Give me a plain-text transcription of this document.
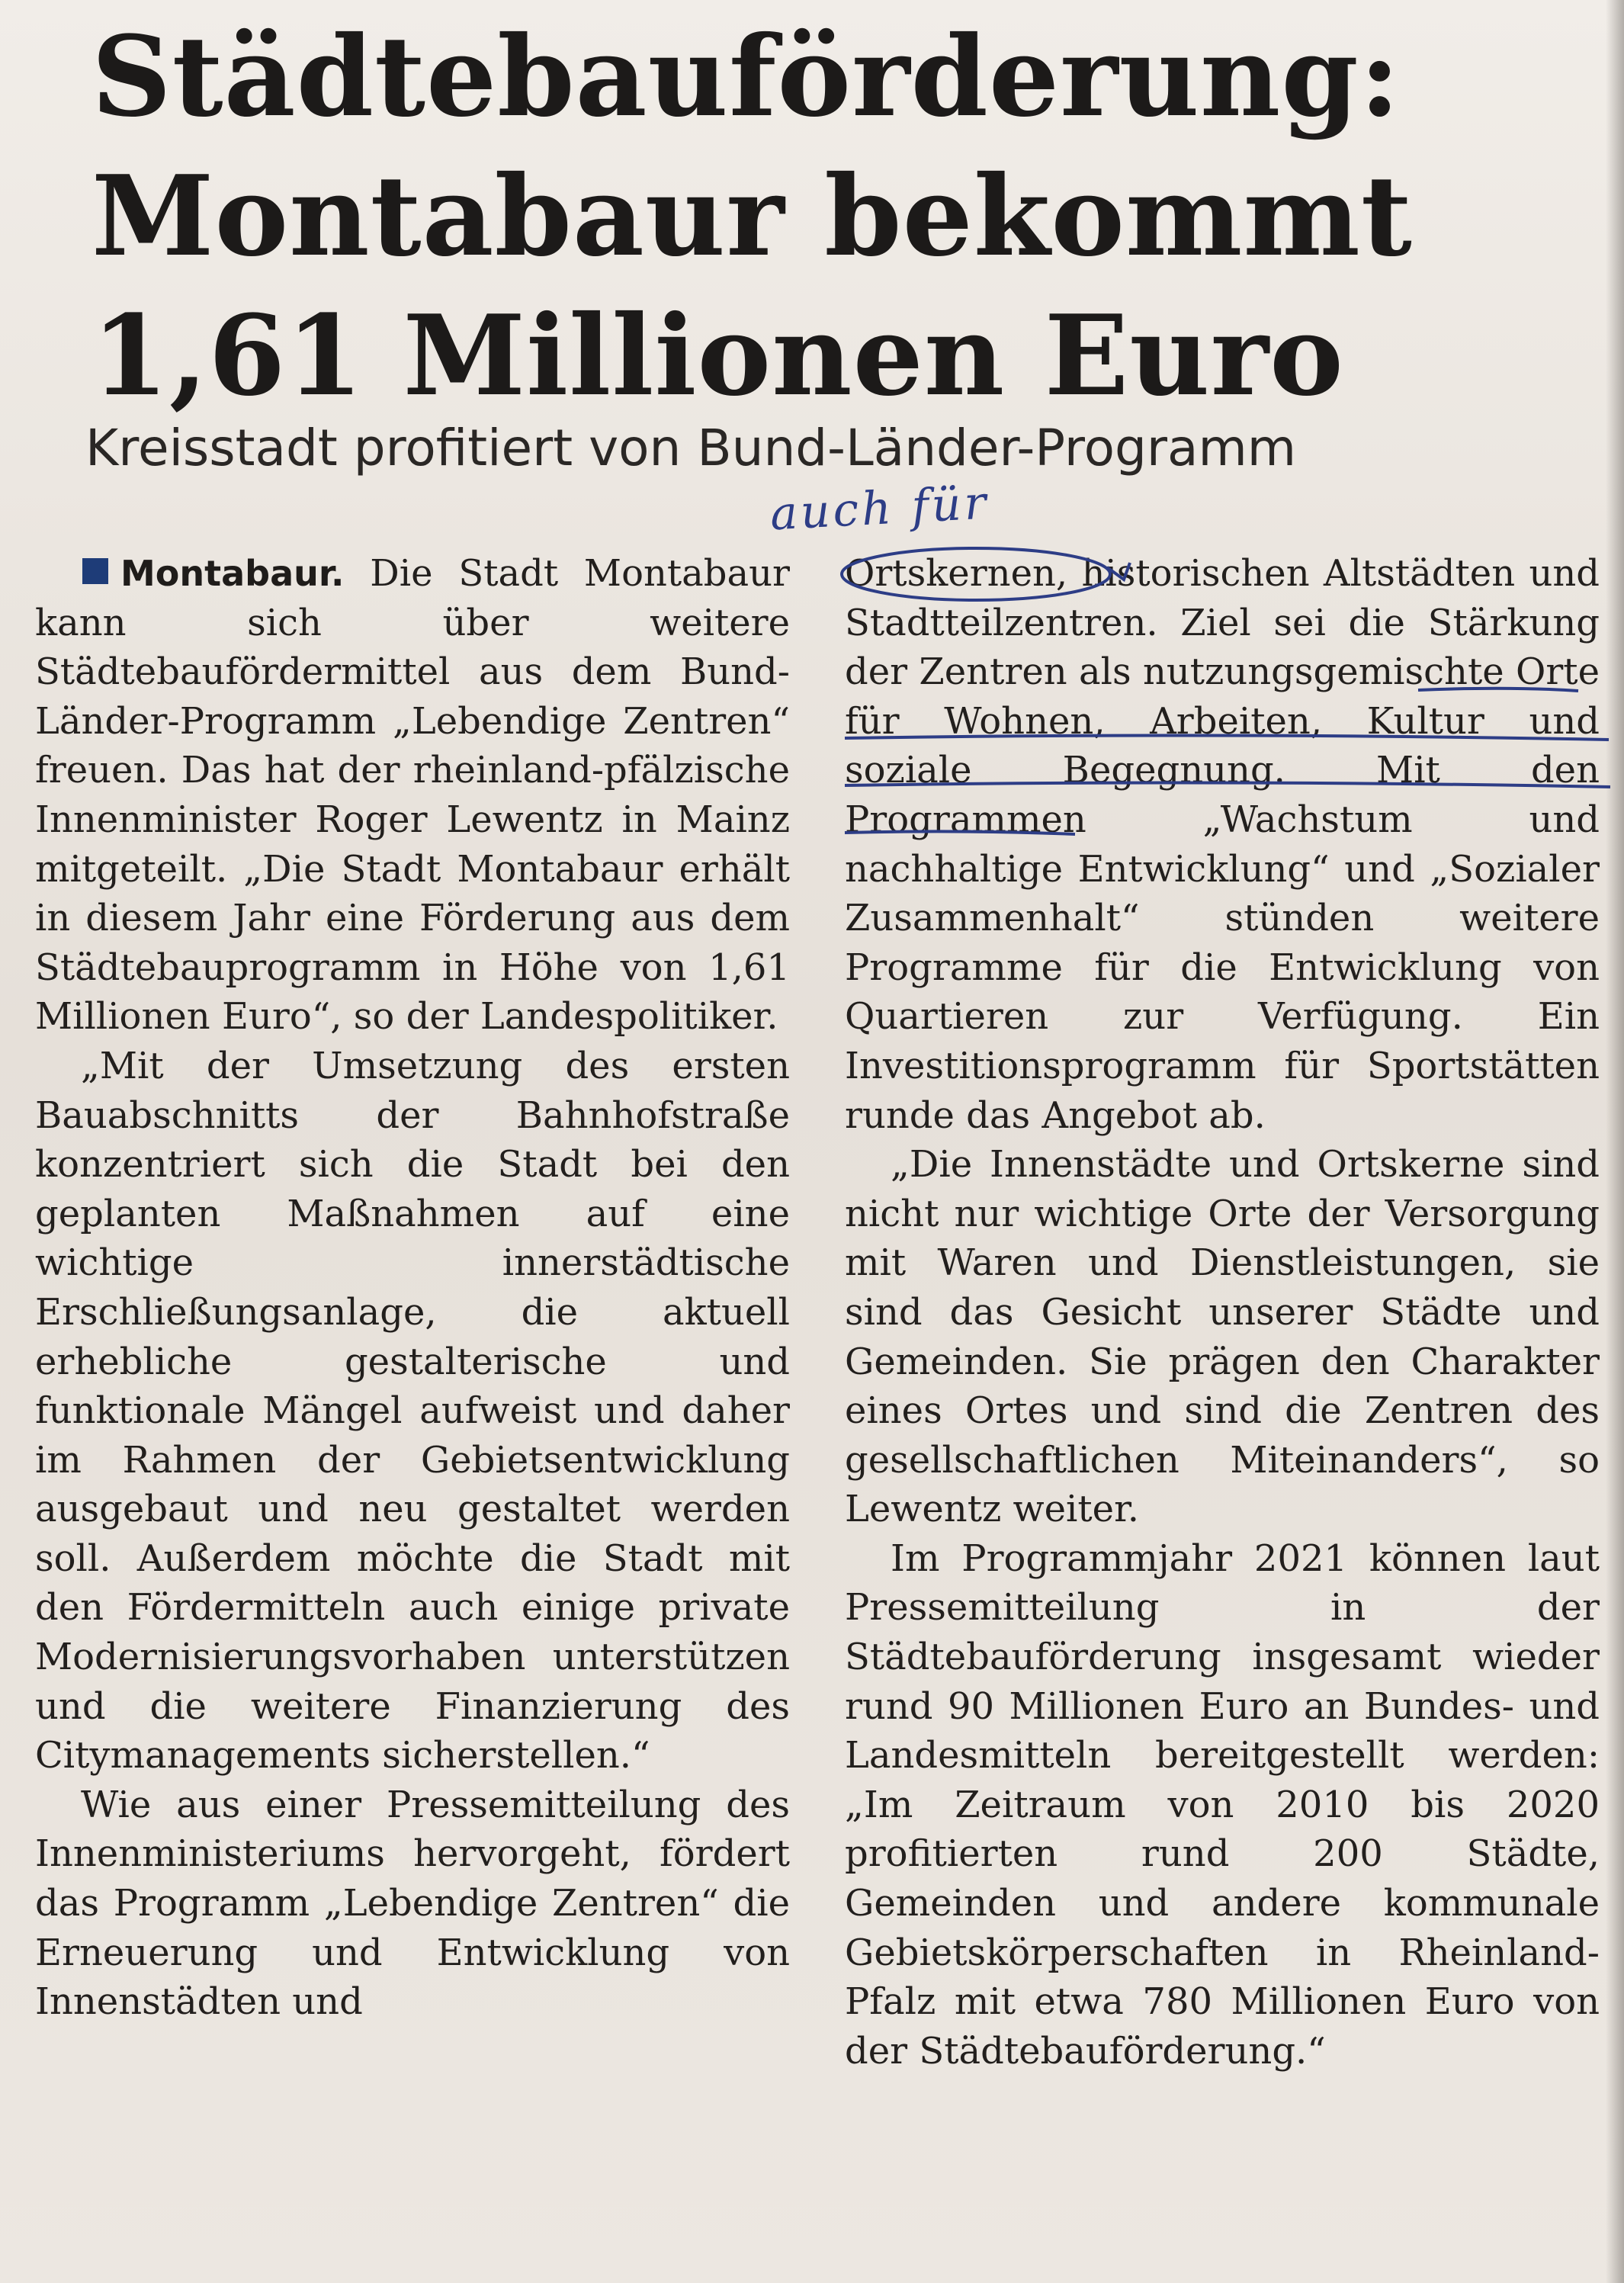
Städtebauförderung:
Montabaur bekommt
1,61 Millionen Euro
Kreisstadt profitiert von Bund-Länder-Programm
auch für

Montabaur. Die Stadt Montabaur kann sich über weitere Städtebaufördermittel aus dem Bund-Länder-Programm „Lebendige Zentren“ freuen. Das hat der rheinland-pfälzische Innenminister Roger Lewentz in Mainz mitgeteilt. „Die Stadt Montabaur erhält in diesem Jahr eine Förderung aus dem Städtebauprogramm in Höhe von 1,61 Millionen Euro“, so der Landespolitiker.

„Mit der Umsetzung des ersten Bauabschnitts der Bahnhofstraße konzentriert sich die Stadt bei den geplanten Maßnahmen auf eine wichtige innerstädtische Erschließungsanlage, die aktuell erhebliche gestalterische und funktionale Mängel aufweist und daher im Rahmen der Gebietsentwicklung ausgebaut und neu gestaltet werden soll. Außerdem möchte die Stadt mit den Fördermitteln auch einige private Modernisierungsvorhaben unterstützen und die weitere Finanzierung des Citymanagements sicherstellen.“

Wie aus einer Pressemitteilung des Innenministeriums hervorgeht, fördert das Programm „Lebendige Zentren“ die Erneuerung und Entwicklung von Innenstädten und

Ortskernen, historischen Altstädten und Stadtteilzentren. Ziel sei die Stärkung der Zentren als nutzungsgemischte Orte für Wohnen, Arbeiten, Kultur und soziale Begegnung. Mit den Programmen „Wachstum und nachhaltige Entwicklung“ und „Sozialer Zusammenhalt“ stünden weitere Programme für die Entwicklung von Quartieren zur Verfügung. Ein Investitionsprogramm für Sportstätten runde das Angebot ab.

„Die Innenstädte und Ortskerne sind nicht nur wichtige Orte der Versorgung mit Waren und Dienstleistungen, sie sind das Gesicht unserer Städte und Gemeinden. Sie prägen den Charakter eines Ortes und sind die Zentren des gesellschaftlichen Miteinanders“, so Lewentz weiter.

Im Programmjahr 2021 können laut Pressemitteilung in der Städtebauförderung insgesamt wieder rund 90 Millionen Euro an Bundes- und Landesmitteln bereitgestellt werden: „Im Zeitraum von 2010 bis 2020 profitierten rund 200 Städte, Gemeinden und andere kommunale Gebietskörperschaften in Rheinland-Pfalz mit etwa 780 Millionen Euro von der Städtebauförderung.“
